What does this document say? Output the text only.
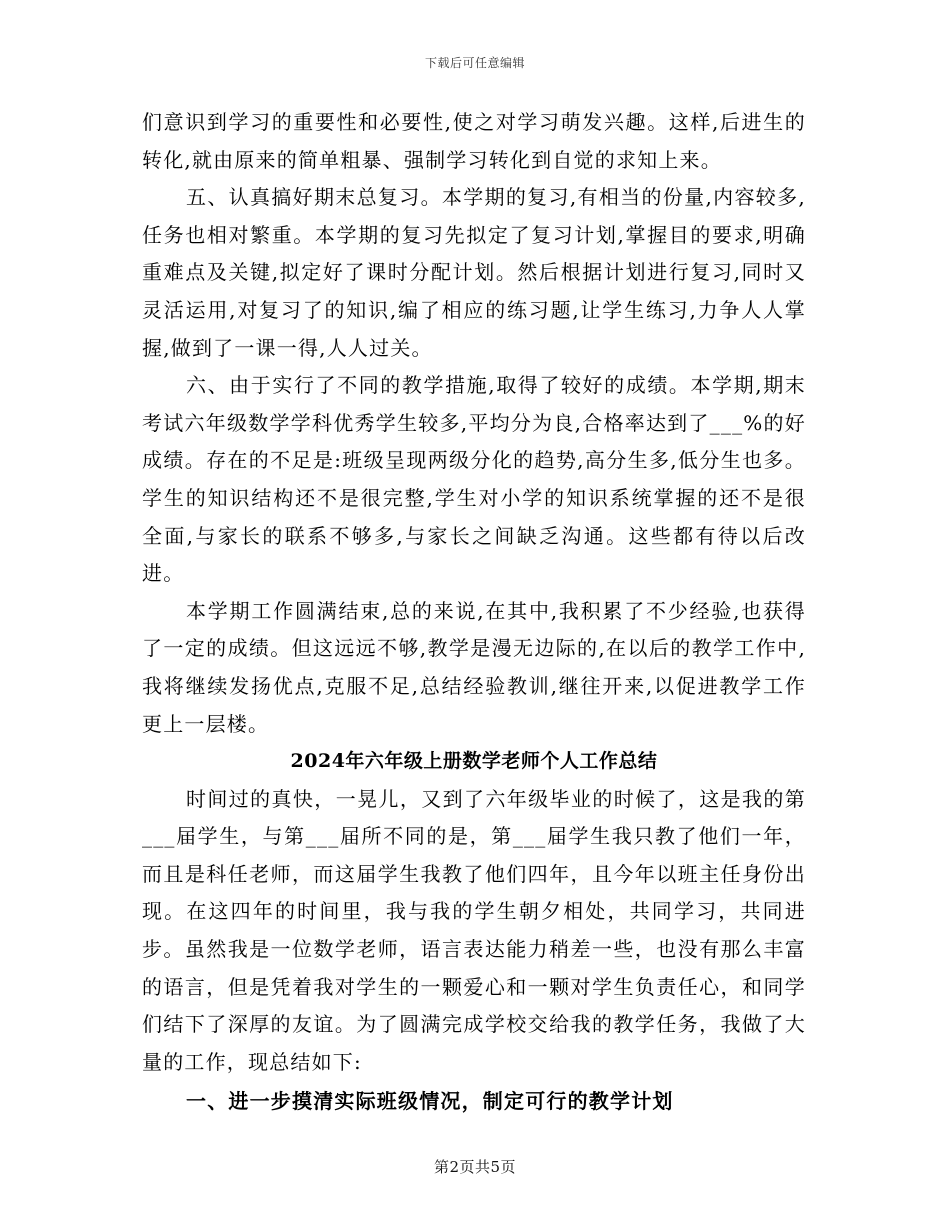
下载后可任意编辑

们意识到学习的重要性和必要性,使之对学习萌发兴趣。这样,后进生的转化,就由原来的简单粗暴、强制学习转化到自觉的求知上来。

五、认真搞好期末总复习。本学期的复习,有相当的份量,内容较多,任务也相对繁重。本学期的复习先拟定了复习计划,掌握目的要求,明确重难点及关键,拟定好了课时分配计划。然后根据计划进行复习,同时又灵活运用,对复习了的知识,编了相应的练习题,让学生练习,力争人人掌握,做到了一课一得,人人过关。

六、由于实行了不同的教学措施,取得了较好的成绩。本学期,期末考试六年级数学学科优秀学生较多,平均分为良,合格率达到了___%的好成绩。存在的不足是:班级呈现两级分化的趋势,高分生多,低分生也多。学生的知识结构还不是很完整,学生对小学的知识系统掌握的还不是很全面,与家长的联系不够多,与家长之间缺乏沟通。这些都有待以后改进。

本学期工作圆满结束,总的来说,在其中,我积累了不少经验,也获得了一定的成绩。但这远远不够,教学是漫无边际的,在以后的教学工作中,我将继续发扬优点,克服不足,总结经验教训,继往开来,以促进教学工作更上一层楼。

2024年六年级上册数学老师个人工作总结

时间过的真快，一晃儿，又到了六年级毕业的时候了，这是我的第___届学生，与第___届所不同的是，第___届学生我只教了他们一年，而且是科任老师，而这届学生我教了他们四年，且今年以班主任身份出现。在这四年的时间里，我与我的学生朝夕相处，共同学习，共同进步。虽然我是一位数学老师，语言表达能力稍差一些，也没有那么丰富的语言，但是凭着我对学生的一颗爱心和一颗对学生负责任心，和同学们结下了深厚的友谊。为了圆满完成学校交给我的教学任务，我做了大量的工作，现总结如下:

一、进一步摸清实际班级情况，制定可行的教学计划
第2页共5页
